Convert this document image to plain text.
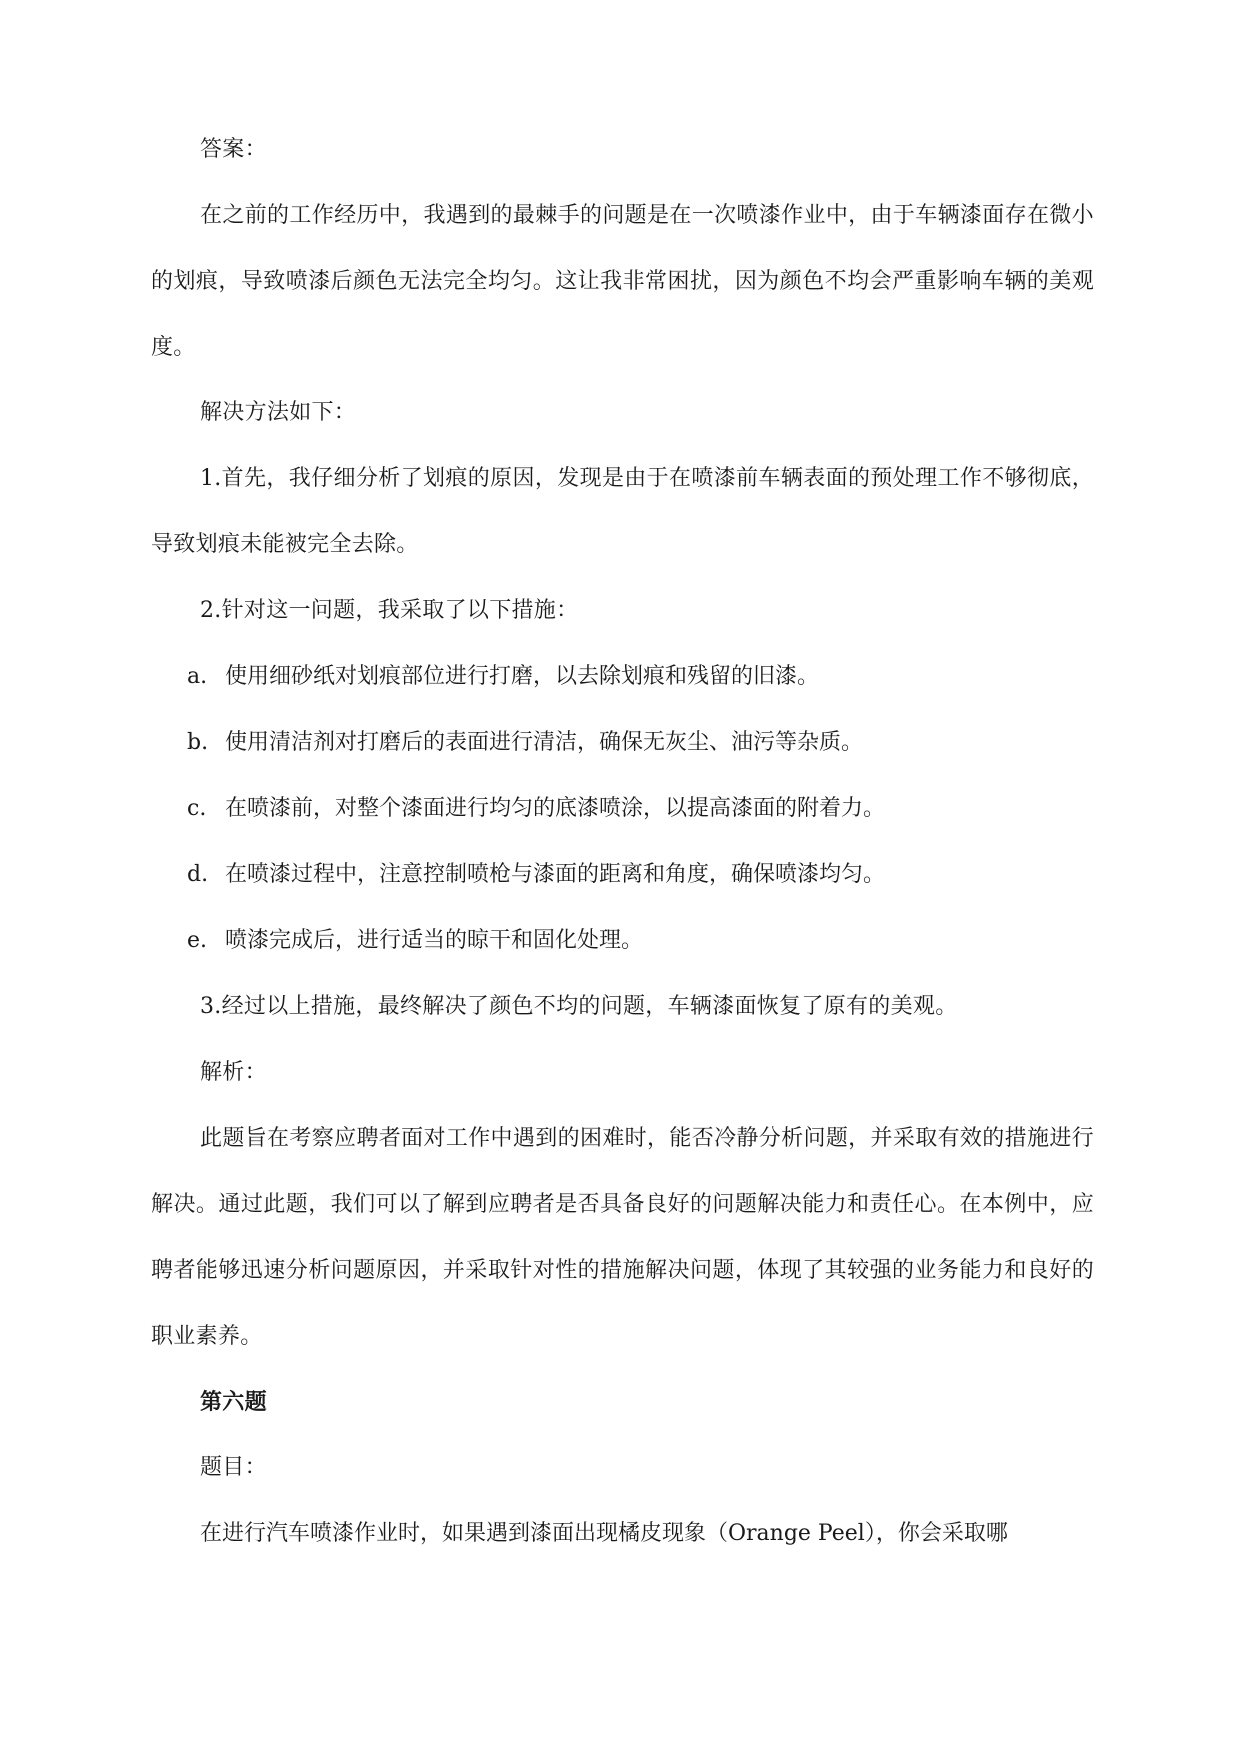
答案：

在之前的工作经历中，我遇到的最棘手的问题是在一次喷漆作业中，由于车辆漆面存在微小的划痕，导致喷漆后颜色无法完全均匀。这让我非常困扰，因为颜色不均会严重影响车辆的美观度。

解决方法如下：

1.首先，我仔细分析了划痕的原因，发现是由于在喷漆前车辆表面的预处理工作不够彻底，导致划痕未能被完全去除。

2.针对这一问题，我采取了以下措施：

a. 使用细砂纸对划痕部位进行打磨，以去除划痕和残留的旧漆。
b. 使用清洁剂对打磨后的表面进行清洁，确保无灰尘、油污等杂质。
c. 在喷漆前，对整个漆面进行均匀的底漆喷涂，以提高漆面的附着力。
d. 在喷漆过程中，注意控制喷枪与漆面的距离和角度，确保喷漆均匀。
e. 喷漆完成后，进行适当的晾干和固化处理。

3.经过以上措施，最终解决了颜色不均的问题，车辆漆面恢复了原有的美观。

解析：

此题旨在考察应聘者面对工作中遇到的困难时，能否冷静分析问题，并采取有效的措施进行解决。通过此题，我们可以了解到应聘者是否具备良好的问题解决能力和责任心。在本例中，应聘者能够迅速分析问题原因，并采取针对性的措施解决问题，体现了其较强的业务能力和良好的职业素养。

第六题

题目：

在进行汽车喷漆作业时，如果遇到漆面出现橘皮现象（Orange Peel），你会采取哪
